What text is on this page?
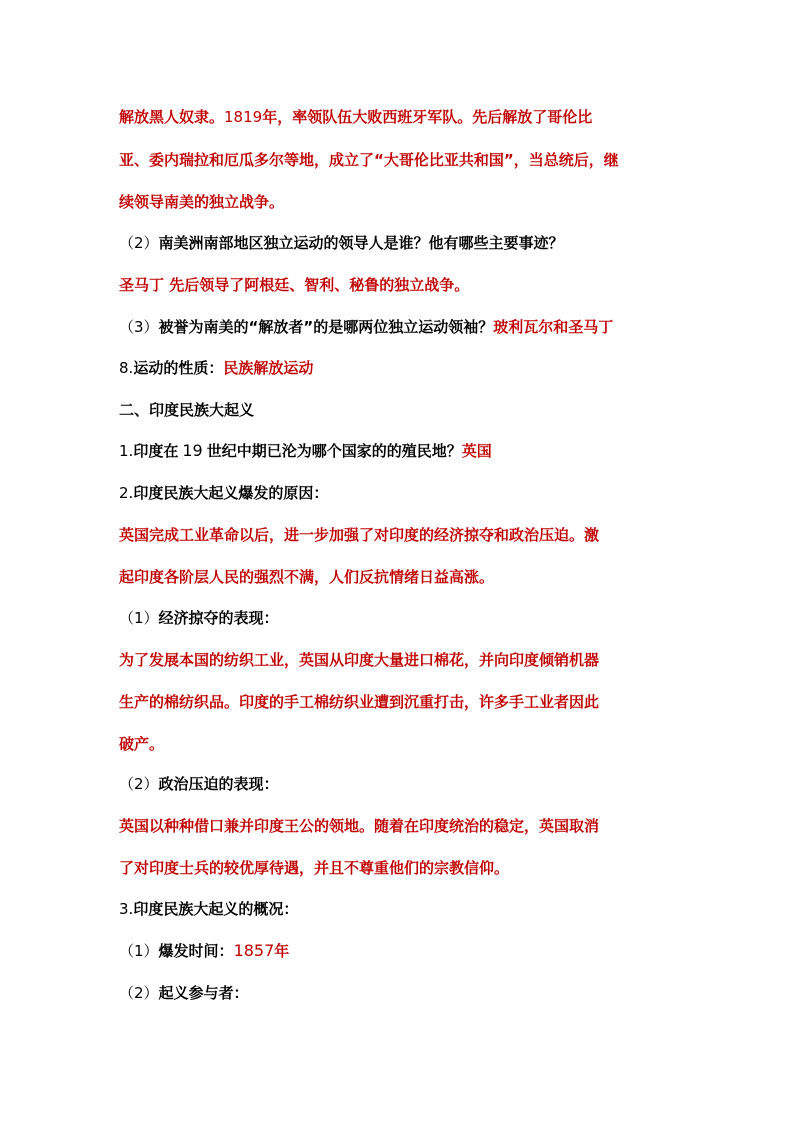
解放黑人奴隶。1819年，率领队伍大败西班牙军队。先后解放了哥伦比
亚、委内瑞拉和厄瓜多尔等地，成立了“大哥伦比亚共和国”，当总统后，继
续领导南美的独立战争。
（2）南美洲南部地区独立运动的领导人是谁？他有哪些主要事迹？
圣马丁 先后领导了阿根廷、智利、秘鲁的独立战争。
（3）被誉为南美的“解放者”的是哪两位独立运动领袖？玻利瓦尔和圣马丁
8.运动的性质：民族解放运动
二、印度民族大起义
1.印度在 19 世纪中期已沦为哪个国家的的殖民地？英国
2.印度民族大起义爆发的原因：
英国完成工业革命以后，进一步加强了对印度的经济掠夺和政治压迫。激
起印度各阶层人民的强烈不满，人们反抗情绪日益高涨。
（1）经济掠夺的表现：
为了发展本国的纺织工业，英国从印度大量进口棉花，并向印度倾销机器
生产的棉纺织品。印度的手工棉纺织业遭到沉重打击，许多手工业者因此
破产。
（2）政治压迫的表现：
英国以种种借口兼并印度王公的领地。随着在印度统治的稳定，英国取消
了对印度士兵的较优厚待遇，并且不尊重他们的宗教信仰。
3.印度民族大起义的概况：
（1）爆发时间：1857年
（2）起义参与者：
